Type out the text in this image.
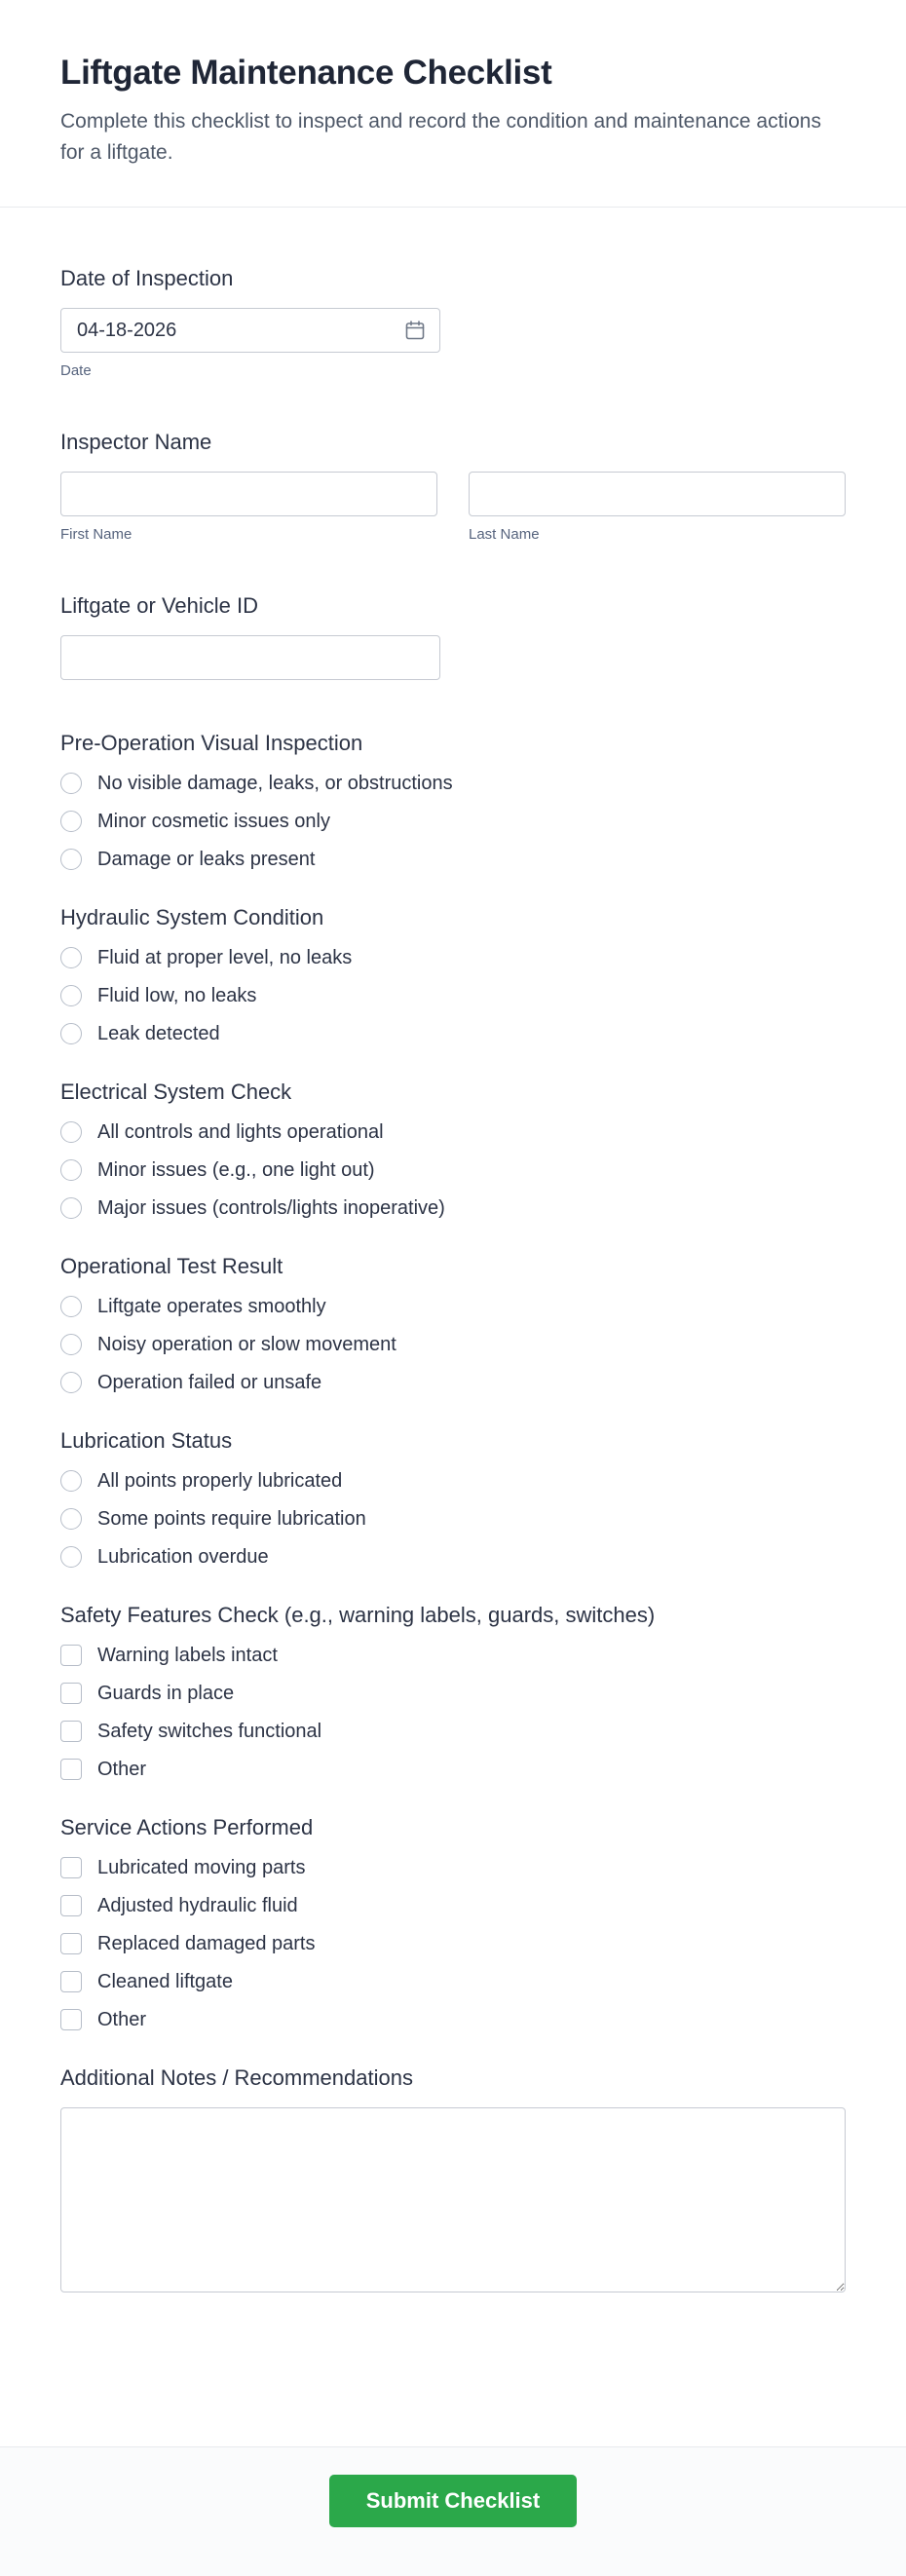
Liftgate Maintenance Checklist
Complete this checklist to inspect and record the condition and maintenance actions for a liftgate.
Date of Inspection
04-18-2026
Date
Inspector Name
First Name	Last Name
Liftgate or Vehicle ID
Pre-Operation Visual Inspection
No visible damage, leaks, or obstructions
Minor cosmetic issues only
Damage or leaks present
Hydraulic System Condition
Fluid at proper level, no leaks
Fluid low, no leaks
Leak detected
Electrical System Check
All controls and lights operational
Minor issues (e.g., one light out)
Major issues (controls/lights inoperative)
Operational Test Result
Liftgate operates smoothly
Noisy operation or slow movement
Operation failed or unsafe
Lubrication Status
All points properly lubricated
Some points require lubrication
Lubrication overdue
Safety Features Check (e.g., warning labels, guards, switches)
Warning labels intact
Guards in place
Safety switches functional
Other
Service Actions Performed
Lubricated moving parts
Adjusted hydraulic fluid
Replaced damaged parts
Cleaned liftgate
Other
Additional Notes / Recommendations
Submit Checklist
